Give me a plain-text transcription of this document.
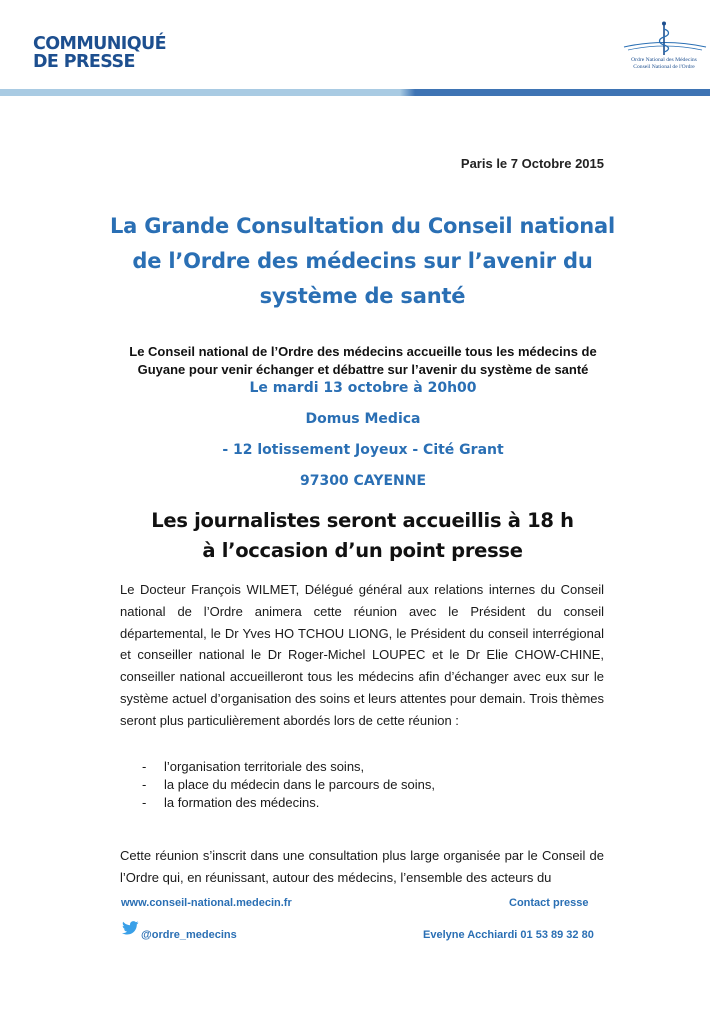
COMMUNIQUÉ
DE PRESSE	Ordre National des Médecins
Conseil National de l'Ordre
Paris le 7 Octobre 2015
La Grande Consultation du Conseil national de l’Ordre des médecins sur l’avenir du système de santé
Le Conseil national de l’Ordre des médecins accueille tous les médecins de Guyane pour venir échanger et débattre sur l’avenir du système de santé
Le mardi 13 octobre à 20h00
Domus Medica
- 12 lotissement Joyeux - Cité Grant
97300 CAYENNE
Les journalistes seront accueillis à 18 h
à l’occasion d’un point presse
Le Docteur François WILMET, Délégué général aux relations internes du Conseil national de l’Ordre animera cette réunion avec le Président du conseil départemental, le Dr Yves HO TCHOU LIONG, le Président du conseil interrégional et conseiller national le Dr Roger-Michel LOUPEC et le Dr Elie CHOW-CHINE, conseiller national accueilleront tous les médecins afin d’échanger avec eux sur le système actuel d’organisation des soins et leurs attentes pour demain. Trois thèmes seront plus particulièrement abordés lors de cette réunion :
-	l’organisation territoriale des soins,
-	la place du médecin dans le parcours de soins,
-	la formation des médecins.
Cette réunion s’inscrit dans une consultation plus large organisée par le Conseil de l’Ordre qui, en réunissant, autour des médecins, l’ensemble des acteurs du
www.conseil-national.medecin.fr	Contact presse
@ordre_medecins	Evelyne Acchiardi 01 53 89 32 80
